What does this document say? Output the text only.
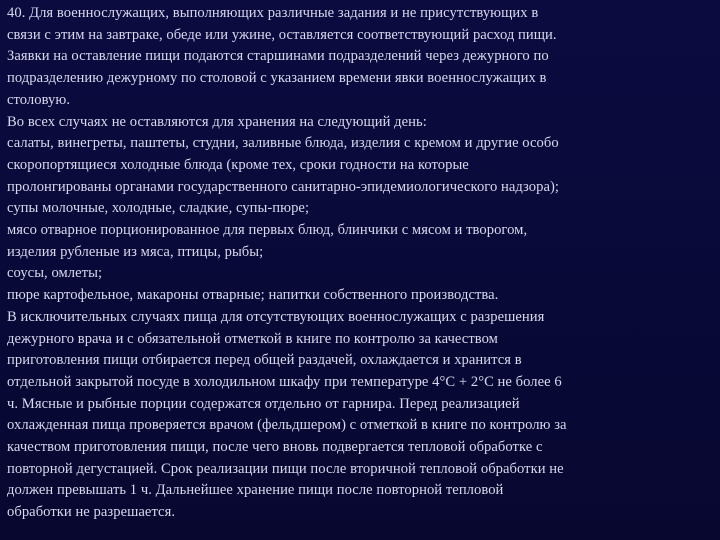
40. Для военнослужащих, выполняющих различные задания и не присутствующих в
связи с этим на завтраке, обеде или ужине, оставляется соответствующий расход пищи.
Заявки на оставление пищи подаются старшинами подразделений через дежурного по
подразделению дежурному по столовой с указанием времени явки военнослужащих в
столовую.
Во всех случаях не оставляются для хранения на следующий день:
салаты, винегреты, паштеты, студни, заливные блюда, изделия с кремом и другие особо
скоропортящиеся холодные блюда (кроме тех, сроки годности на которые
пролонгированы органами государственного санитарно-эпидемиологического надзора);
супы молочные, холодные, сладкие, супы-пюре;
мясо отварное порционированное для первых блюд, блинчики с мясом и творогом,
изделия рубленые из мяса, птицы, рыбы;
соусы, омлеты;
пюре картофельное, макароны отварные; напитки собственного производства.
В исключительных случаях пища для отсутствующих военнослужащих с разрешения
дежурного врача и с обязательной отметкой в книге по контролю за качеством
приготовления пищи отбирается перед общей раздачей, охлаждается и хранится в
отдельной закрытой посуде в холодильном шкафу при температуре 4°С + 2°С не более 6
ч. Мясные и рыбные порции содержатся отдельно от гарнира. Перед реализацией
охлажденная пища проверяется врачом (фельдшером) с отметкой в книге по контролю за
качеством приготовления пищи, после чего вновь подвергается тепловой обработке с
повторной дегустацией. Срок реализации пищи после вторичной тепловой обработки не
должен превышать 1 ч. Дальнейшее хранение пищи после повторной тепловой
обработки не разрешается.
